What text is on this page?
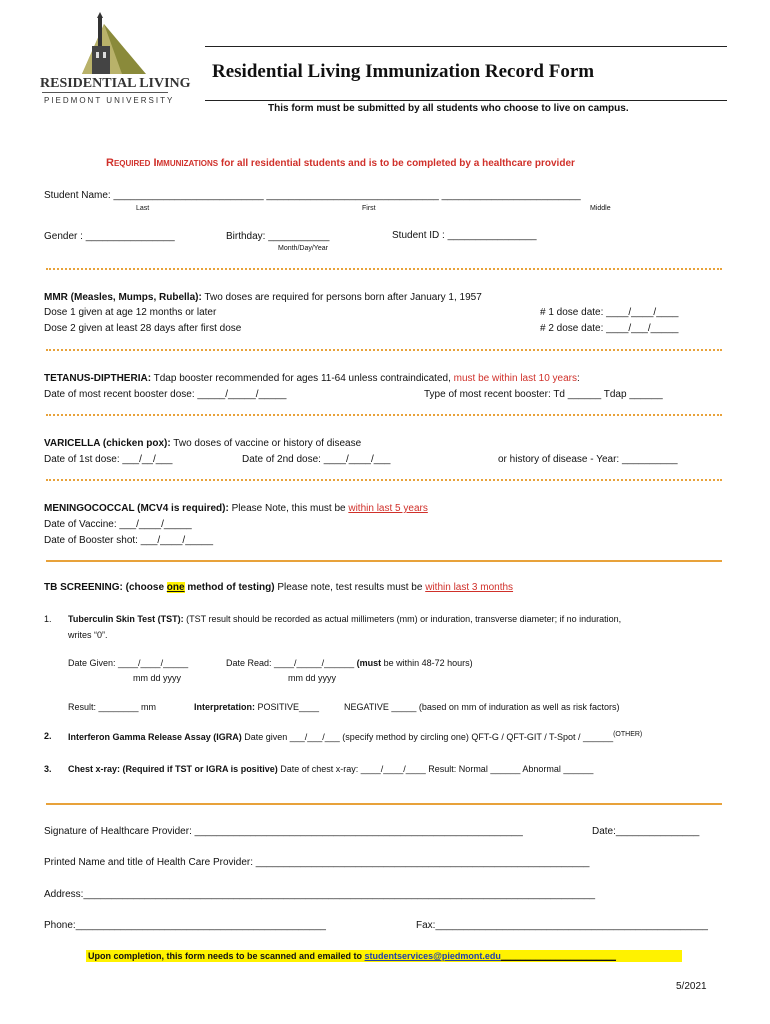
RESIDENTIAL LIVING
PIEDMONT UNIVERSITY
Residential Living Immunization Record Form
This form must be submitted by all students who choose to live on campus.
Required Immunizations for all residential students and is to be completed by a healthcare provider
Student Name: ___________________________ _______________________________ _________________________
Last	First	Middle
Gender : ________________	Birthday: ___________
Month/Day/Year
Student ID : ________________
MMR (Measles, Mumps, Rubella): Two doses are required for persons born after January 1, 1957
Dose 1 given at age 12 months or later
Dose 2 given at least 28 days after first dose
# 1 dose date: ____/____/____
# 2 dose date: ____/___/_____
TETANUS-DIPTHERIA: Tdap booster recommended for ages 11-64 unless contraindicated, must be within last 10 years:
Date of most recent booster dose: _____/_____/_____	Type of most recent booster: Td ______ Tdap ______
VARICELLA (chicken pox): Two doses of vaccine or history of disease
Date of 1st dose: ___/__/___	Date of 2nd dose: ____/____/___	or history of disease - Year: __________
MENINGOCOCCAL (MCV4 is required): Please Note, this must be within last 5 years
Date of Vaccine: ___/____/_____
Date of Booster shot: ___/____/_____
TB SCREENING: (choose one method of testing) Please note, test results must be within last 3 months
1. Tuberculin Skin Test (TST): (TST result should be recorded as actual millimeters (mm) or induration, transverse diameter; if no induration,
writes “0”.
Date Given: ____/____/_____
mm dd yyyy
Date Read: ____/_____/______ (must be within 48-72 hours)
mm dd yyyy
Result: ________ mm	Interpretation: POSITIVE____	NEGATIVE _____ (based on mm of induration as well as risk factors)
2. Interferon Gamma Release Assay (IGRA) Date given ___/___/___ (specify method by circling one) QFT-G / QFT-GIT / T-Spot / ______$^{(OTHER)}$
3. Chest x-ray: (Required if TST or IGRA is positive) Date of chest x-ray: ____/____/____ Result: Normal ______ Abnormal ______
Signature of Healthcare Provider: ___________________________________________________________	Date:_______________
Printed Name and title of Health Care Provider: ____________________________________________________________
Address:____________________________________________________________________________________________
Phone:_____________________________________________	Fax:_________________________________________________
Upon completion, this form needs to be scanned and emailed to studentservices@piedmont.edu_______________________
5/2021
